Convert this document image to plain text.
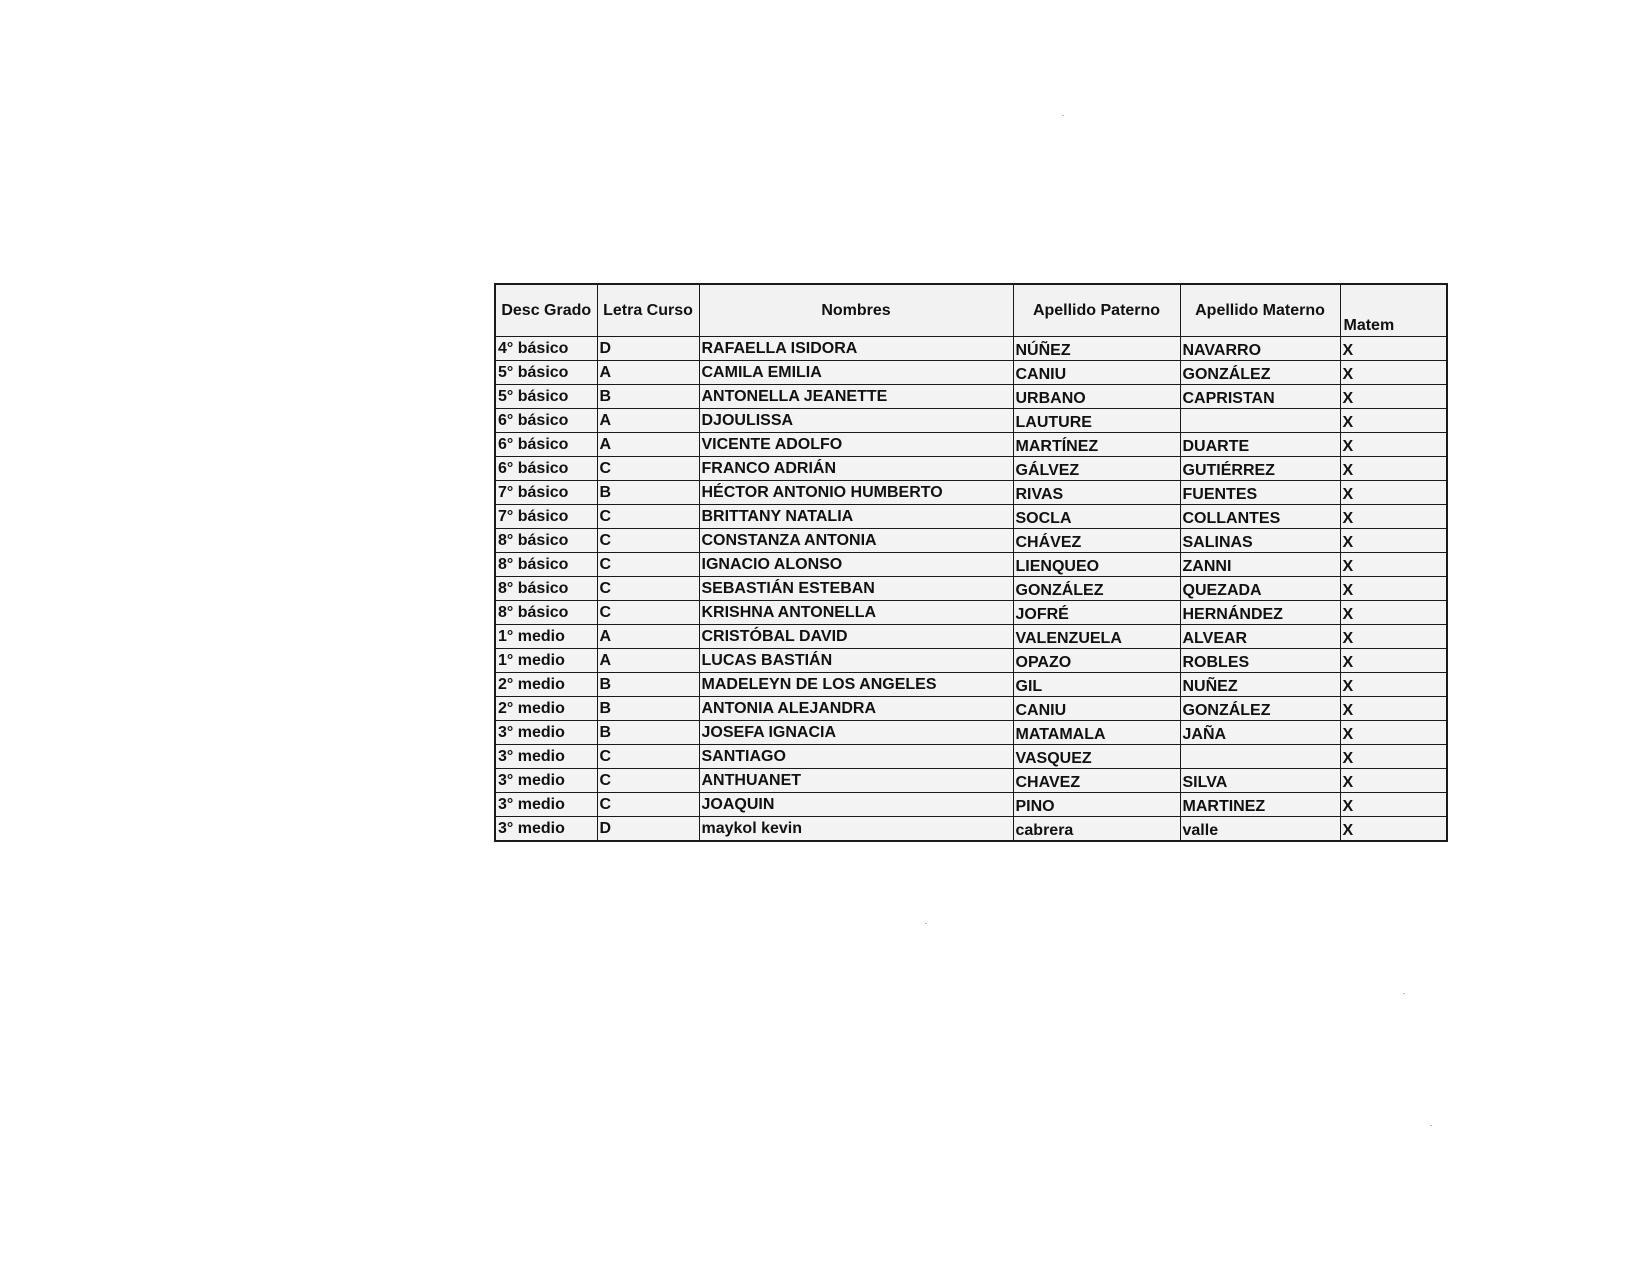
Desc Grado	Letra Curso	Nombres	Apellido Paterno	Apellido Materno	Matem
4° básico	D	RAFAELLA ISIDORA	NÚÑEZ	NAVARRO	X
5° básico	A	CAMILA EMILIA	CANIU	GONZÁLEZ	X
5° básico	B	ANTONELLA JEANETTE	URBANO	CAPRISTAN	X
6° básico	A	DJOULISSA	LAUTURE		X
6° básico	A	VICENTE ADOLFO	MARTÍNEZ	DUARTE	X
6° básico	C	FRANCO ADRIÁN	GÁLVEZ	GUTIÉRREZ	X
7° básico	B	HÉCTOR ANTONIO HUMBERTO	RIVAS	FUENTES	X
7° básico	C	BRITTANY NATALIA	SOCLA	COLLANTES	X
8° básico	C	CONSTANZA ANTONIA	CHÁVEZ	SALINAS	X
8° básico	C	IGNACIO ALONSO	LIENQUEO	ZANNI	X
8° básico	C	SEBASTIÁN ESTEBAN	GONZÁLEZ	QUEZADA	X
8° básico	C	KRISHNA ANTONELLA	JOFRÉ	HERNÁNDEZ	X
1° medio	A	CRISTÓBAL DAVID	VALENZUELA	ALVEAR	X
1° medio	A	LUCAS BASTIÁN	OPAZO	ROBLES	X
2° medio	B	MADELEYN DE LOS ANGELES	GIL	NUÑEZ	X
2° medio	B	ANTONIA ALEJANDRA	CANIU	GONZÁLEZ	X
3° medio	B	JOSEFA IGNACIA	MATAMALA	JAÑA	X
3° medio	C	SANTIAGO	VASQUEZ		X
3° medio	C	ANTHUANET	CHAVEZ	SILVA	X
3° medio	C	JOAQUIN	PINO	MARTINEZ	X
3° medio	D	maykol kevin	cabrera	valle	X
